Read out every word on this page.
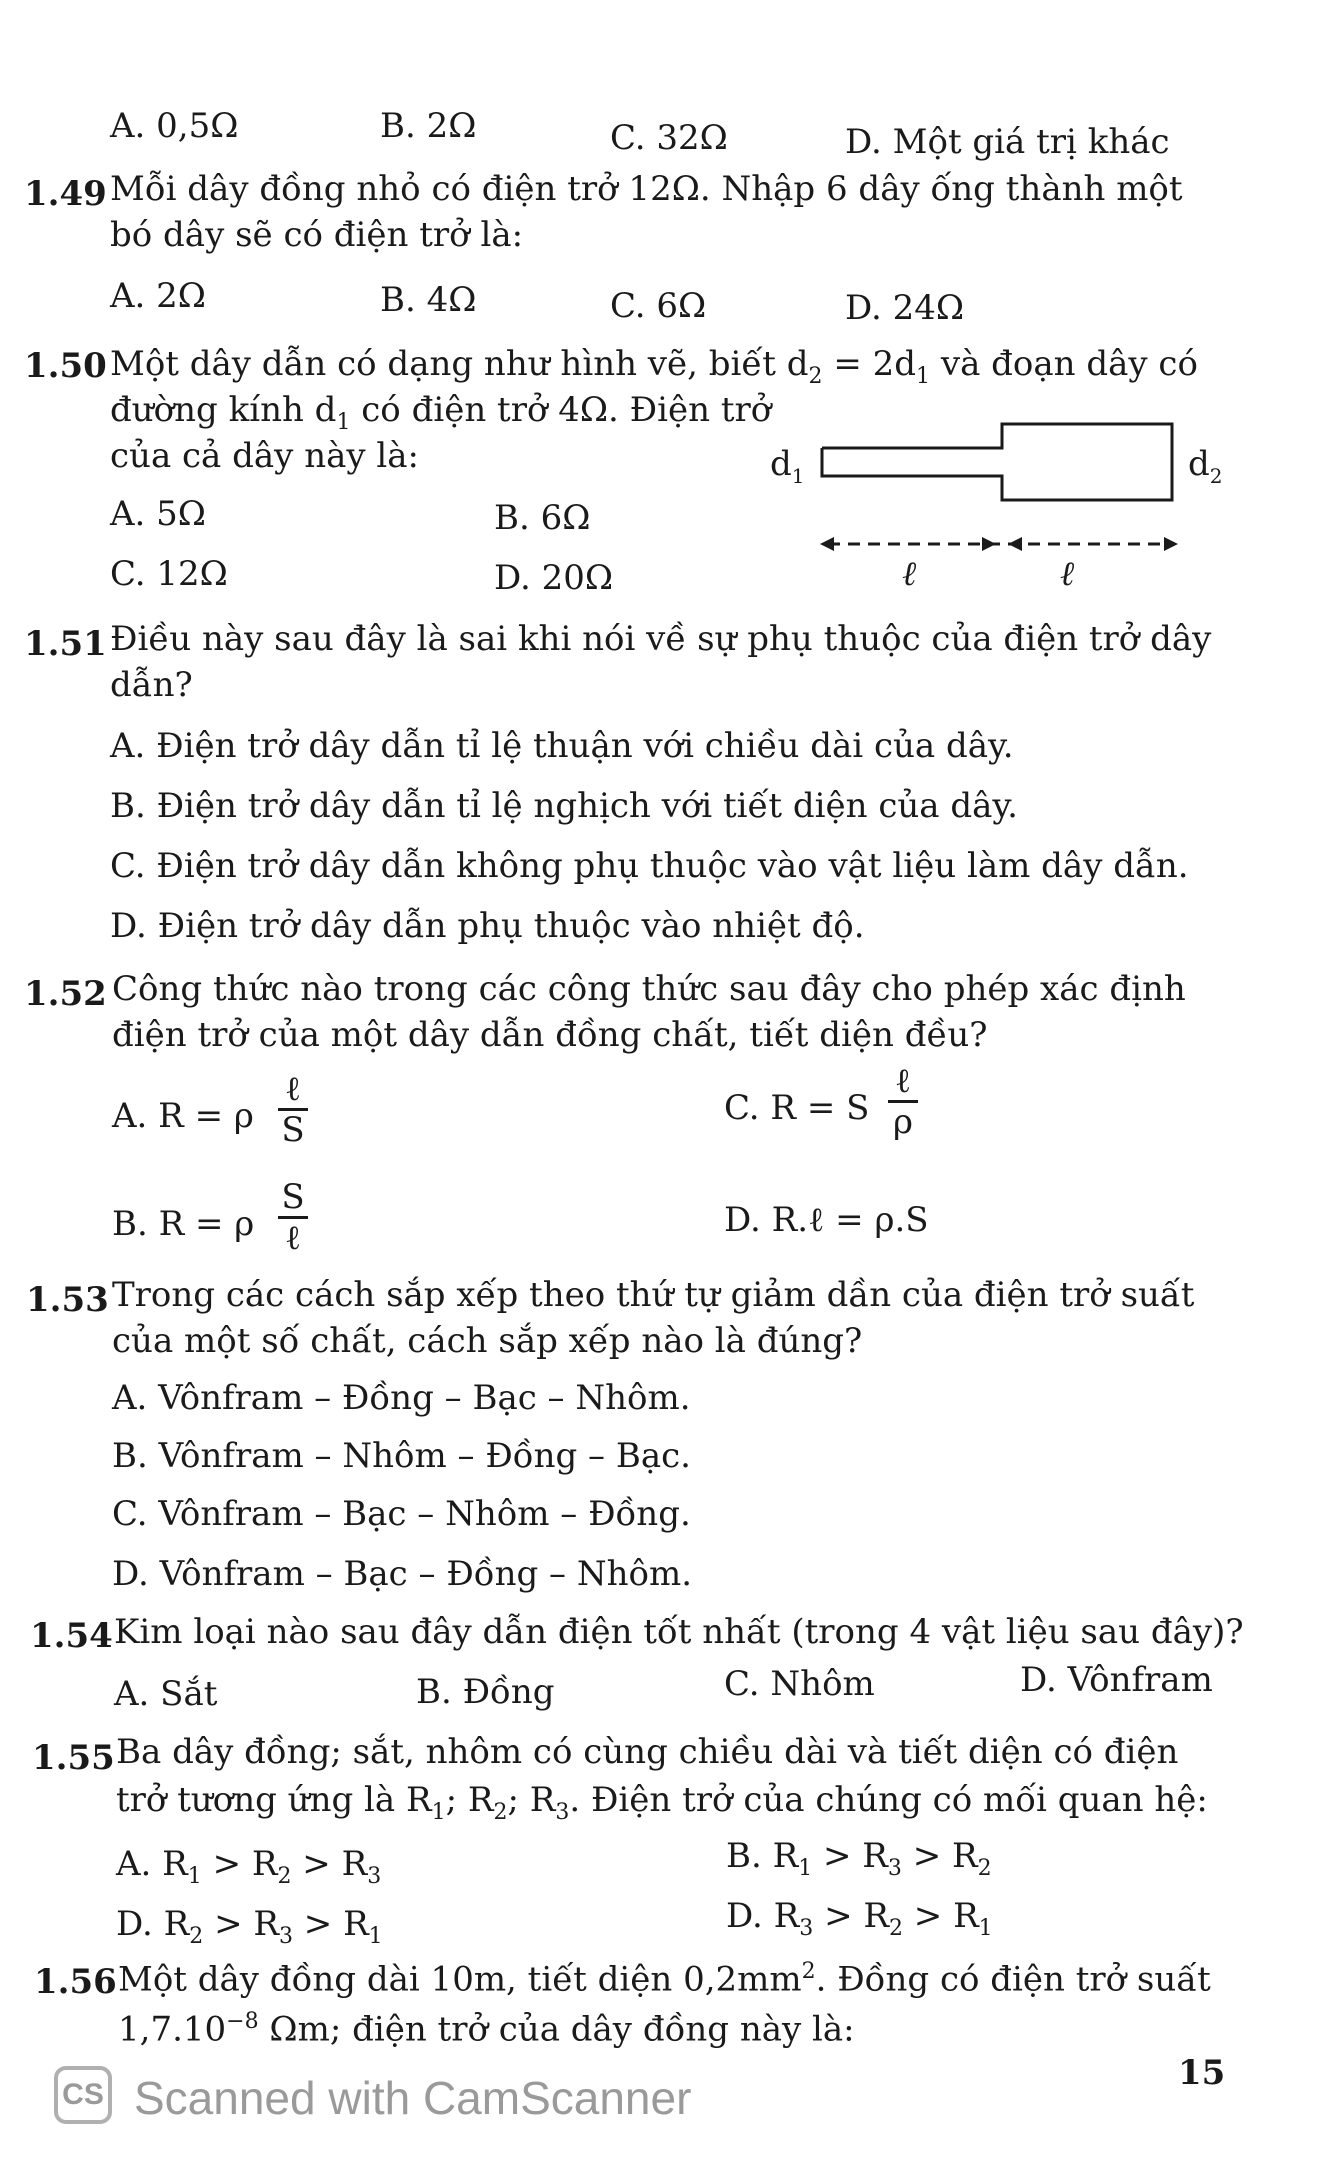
A. 0,5Ω	B. 2Ω	C. 32Ω	D. Một giá trị khác
1.49 Mỗi dây đồng nhỏ có điện trở 12Ω. Nhập 6 dây ống thành một bó dây sẽ có điện trở là:
A. 2Ω	B. 4Ω	C. 6Ω	D. 24Ω
1.50 Một dây dẫn có dạng như hình vẽ, biết $d_2 = 2d_1$ và đoạn dây có
đường kính $d_1$ có điện trở 4Ω. Điện trở
của cả dây này là:
A. 5Ω	B. 6Ω
C. 12Ω	D. 20Ω
$d_1$	$d_2$
ℓ	ℓ
1.51 Điều này sau đây là sai khi nói về sự phụ thuộc của điện trở dây dẫn?
A. Điện trở dây dẫn tỉ lệ thuận với chiều dài của dây.
B. Điện trở dây dẫn tỉ lệ nghịch với tiết diện của dây.
C. Điện trở dây dẫn không phụ thuộc vào vật liệu làm dây dẫn.
D. Điện trở dây dẫn phụ thuộc vào nhiệt độ.
1.52 Công thức nào trong các công thức sau đây cho phép xác định điện trở của một dây dẫn đồng chất, tiết diện đều?
A. R = ρ
ℓ
S
C. R = S
ℓ
ρ
B. R = ρ
S
ℓ	D. R.ℓ = ρ.S
1.53 Trong các cách sắp xếp theo thứ tự giảm dần của điện trở suất của một số chất, cách sắp xếp nào là đúng?
A. Vônfram – Đồng – Bạc – Nhôm.
B. Vônfram – Nhôm – Đồng – Bạc.
C. Vônfram – Bạc – Nhôm – Đồng.
D. Vônfram – Bạc – Đồng – Nhôm.
1.54 Kim loại nào sau đây dẫn điện tốt nhất (trong 4 vật liệu sau đây)?
A. Sắt	B. Đồng	C. Nhôm	D. Vônfram
1.55 Ba dây đồng; sắt, nhôm có cùng chiều dài và tiết diện có điện
trở tương ứng là $R_1$; $R_2$; $R_3$. Điện trở của chúng có mối quan hệ:
A. $R_1 > R_2 > R_3$
B. $R_1 > R_3 > R_2$
D. $R_2 > R_3 > R_1$
D. $R_3 > R_2 > R_1$
1.56 Một dây đồng dài 10m, tiết diện $0,2mm^2$. Đồng có điện trở suất
$1,7.10^{-8}$ Ωm; điện trở của dây đồng này là:
CS Scanned with CamScanner	15
